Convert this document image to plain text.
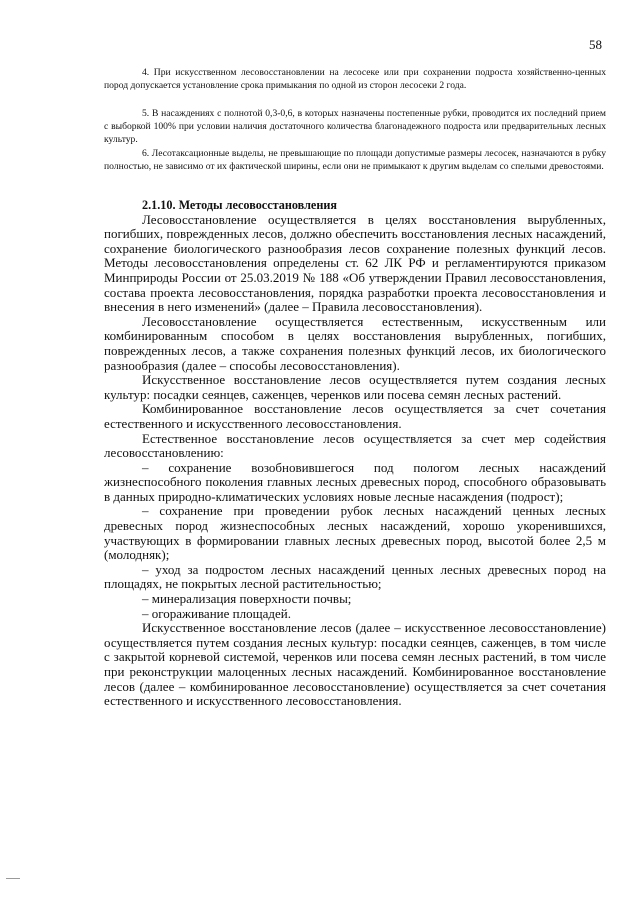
58

4. При искусственном лесовосстановлении на лесосеке или при сохранении подроста хозяйственно-ценных пород допускается установление срока примыкания по одной из сторон лесосеки 2 года.

5. В насаждениях с полнотой 0,3-0,6, в которых назначены постепенные рубки, проводится их последний прием с выборкой 100% при условии наличия достаточного количества благонадежного подроста или предварительных лесных культур.

6. Лесотаксационные выделы, не превышающие по площади допустимые размеры лесосек, назначаются в рубку полностью, не зависимо от их фактической ширины, если они не примыкают к другим выделам со спелыми древостоями.

2.1.10. Методы лесовосстановления

Лесовосстановление осуществляется в целях восстановления вырубленных, погибших, поврежденных лесов, должно обеспечить восстановления лесных насаждений, сохранение биологического разнообразия лесов сохранение полезных функций лесов. Методы лесовосстановления определены ст. 62 ЛК РФ и регламентируются приказом Минприроды России от 25.03.2019 № 188 «Об утверждении Правил лесовосстановления, состава проекта лесовосстановления, порядка разработки проекта лесовосстановления и внесения в него изменений» (далее – Правила лесовосстановления).

Лесовосстановление осуществляется естественным, искусственным или комбинированным способом в целях восстановления вырубленных, погибших, поврежденных лесов, а также сохранения полезных функций лесов, их биологического разнообразия (далее – способы лесовосстановления).

Искусственное восстановление лесов осуществляется путем создания лесных культур: посадки сеянцев, саженцев, черенков или посева семян лесных растений.

Комбинированное восстановление лесов осуществляется за счет сочетания естественного и искусственного лесовосстановления.

Естественное восстановление лесов осуществляется за счет мер содействия лесовосстановлению:

– сохранение возобновившегося под пологом лесных насаждений жизнеспособного поколения главных лесных древесных пород, способного образовывать в данных природно-климатических условиях новые лесные насаждения (подрост);

– сохранение при проведении рубок лесных насаждений ценных лесных древесных пород жизнеспособных лесных насаждений, хорошо укоренившихся, участвующих в формировании главных лесных древесных пород, высотой более 2,5 м (молодняк);

– уход за подростом лесных насаждений ценных лесных древесных пород на площадях, не покрытых лесной растительностью;

– минерализация поверхности почвы;

– огораживание площадей.

Искусственное восстановление лесов (далее – искусственное лесовосстановление) осуществляется путем создания лесных культур: посадки сеянцев, саженцев, в том числе с закрытой корневой системой, черенков или посева семян лесных растений, в том числе при реконструкции малоценных лесных насаждений. Комбинированное восстановление лесов (далее – комбинированное лесовосстановление) осуществляется за счет сочетания естественного и искусственного лесовосстановления.
